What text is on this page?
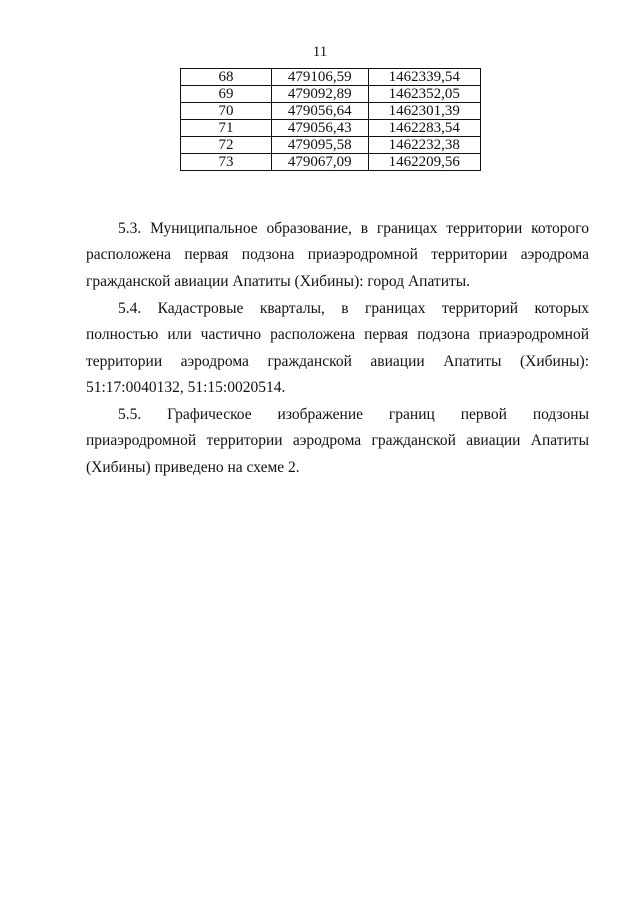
11
68	479106,59	1462339,54
69	479092,89	1462352,05
70	479056,64	1462301,39
71	479056,43	1462283,54
72	479095,58	1462232,38
73	479067,09	1462209,56

5.3. Муниципальное образование, в границах территории которого расположена первая подзона приаэродромной территории аэродрома гражданской авиации Апатиты (Хибины): город Апатиты.

5.4. Кадастровые кварталы, в границах территорий которых полностью или частично расположена первая подзона приаэродромной территории аэродрома гражданской авиации Апатиты (Хибины): 51:17:0040132, 51:15:0020514.

5.5. Графическое изображение границ первой подзоны приаэродромной территории аэродрома гражданской авиации Апатиты (Хибины) приведено на схеме 2.
